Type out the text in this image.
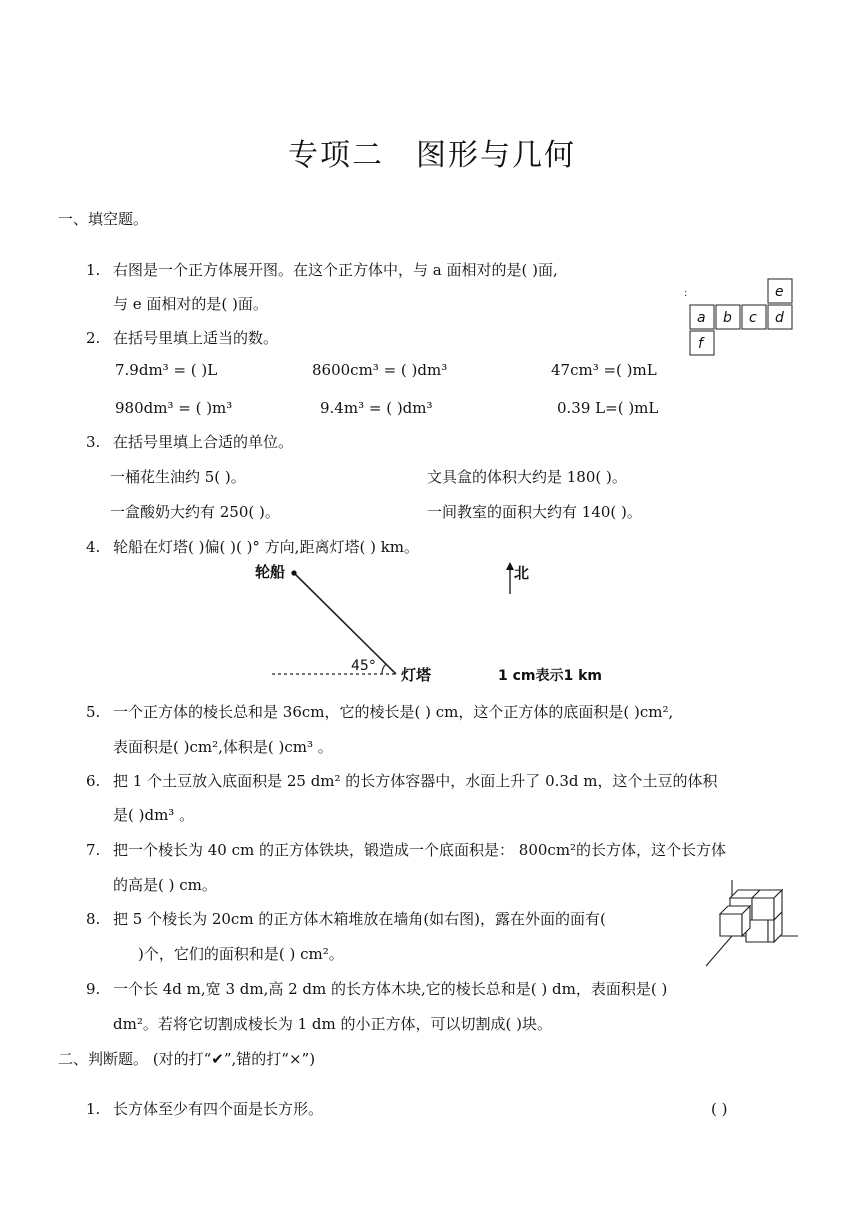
专项二　图形与几何
一、填空题。
1. 右图是一个正方体展开图。在这个正方体中，与 a 面相对的是( )面,
与 e 面相对的是( )面。
:	e
a b c d
f
2. 在括号里填上适当的数。
7.9dm³ = ( )L	8600cm³ = ( )dm³	47cm³ =( )mL
980dm³ = ( )m³	9.4m³ = ( )dm³	0.39 L=( )mL
3. 在括号里填上合适的单位。
一桶花生油约 5( )。	文具盒的体积大约是 180( )。
一盒酸奶大约有 250( )。	一间教室的面积大约有 140( )。
4. 轮船在灯塔( )偏( )( )° 方向,距离灯塔( ) km。
轮船
45° 灯塔
北
1 cm表示1 km
5. 一个正方体的棱长总和是 36cm，它的棱长是( ) cm，这个正方体的底面积是( )cm²,
表面积是( )cm²,体积是( )cm³ 。
6. 把 1 个土豆放入底面积是 25 dm² 的长方体容器中，水面上升了 0.3d m，这个土豆的体积
是( )dm³ 。
7. 把一个棱长为 40 cm 的正方体铁块，锻造成一个底面积是： 800cm²的长方体，这个长方体
的高是( ) cm。
8. 把 5 个棱长为 20cm 的正方体木箱堆放在墙角(如右图)，露在外面的面有(
)个，它们的面积和是( ) cm²。
9. 一个长 4d m,宽 3 dm,高 2 dm 的长方体木块,它的棱长总和是( ) dm，表面积是( )
dm²。若将它切割成棱长为 1 dm 的小正方体，可以切割成( )块。
二、判断题。 (对的打“✔”,错的打“×”)
1. 长方体至少有四个面是长方形。	( )
